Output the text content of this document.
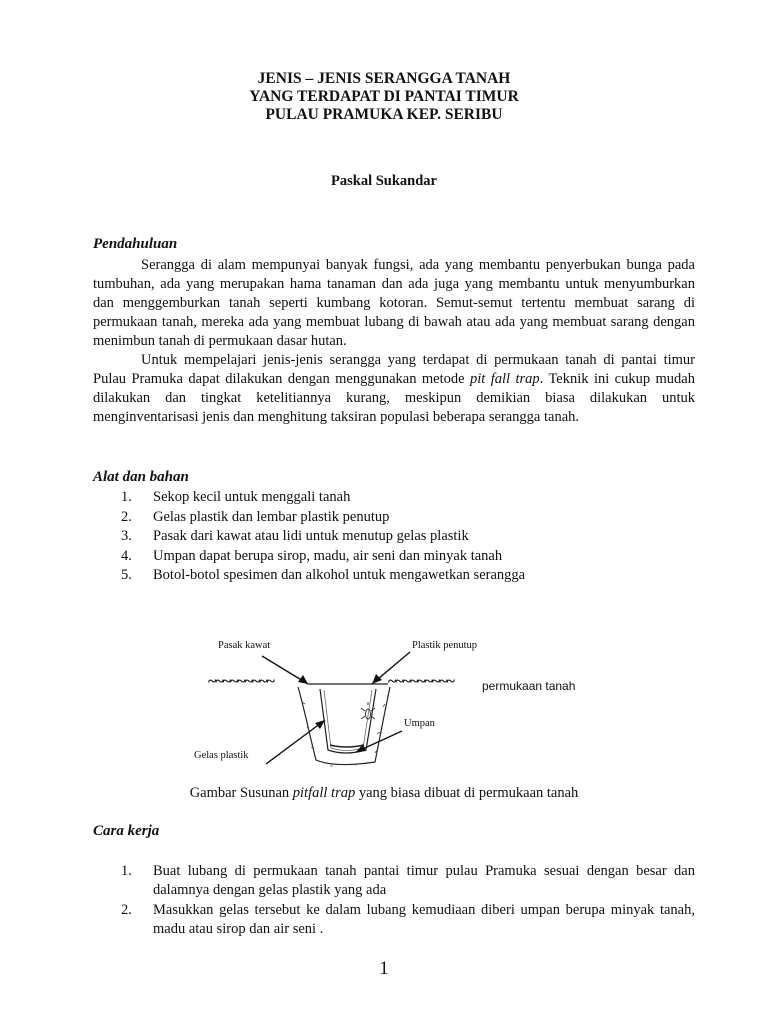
JENIS – JENIS SERANGGA TANAH
YANG TERDAPAT DI PANTAI TIMUR
PULAU PRAMUKA KEP. SERIBU
Paskal Sukandar
Pendahuluan

Serangga di alam mempunyai banyak fungsi, ada yang membantu penyerbukan bunga pada tumbuhan, ada yang merupakan hama tanaman dan ada juga yang membantu untuk menyumburkan dan menggemburkan tanah seperti kumbang kotoran. Semut-semut tertentu membuat sarang di permukaan tanah, mereka ada yang membuat lubang di bawah atau ada yang membuat sarang dengan menimbun tanah di permukaan dasar hutan.

Untuk mempelajari jenis-jenis serangga yang terdapat di permukaan tanah di pantai timur Pulau Pramuka dapat dilakukan dengan menggunakan metode pit fall trap. Teknik ini cukup mudah dilakukan dan tingkat ketelitiannya kurang, meskipun demikian biasa dilakukan untuk menginventarisasi jenis dan menghitung taksiran populasi beberapa serangga tanah.

Alat dan bahan
1. Sekop kecil untuk menggali tanah
2. Gelas plastik dan lembar plastik penutup
3. Pasak dari kawat atau lidi untuk menutup gelas plastik
4. Umpan dapat berupa sirop, madu, air seni dan minyak tanah
5. Botol-botol spesimen dan alkohol untuk mengawetkan serangga
Pasak kawat	Plastik penutup
~~~~~~~~~	~~~~~~~~~ permukaan tanah
Umpan
Gelas plastik
Gambar Susunan pitfall trap yang biasa dibuat di permukaan tanah
Cara kerja
1. Buat lubang di permukaan tanah pantai timur pulau Pramuka sesuai dengan besar dan dalamnya dengan gelas plastik yang ada
2. Masukkan gelas tersebut ke dalam lubang kemudiaan diberi umpan berupa minyak tanah, madu atau sirop dan air seni .
1
